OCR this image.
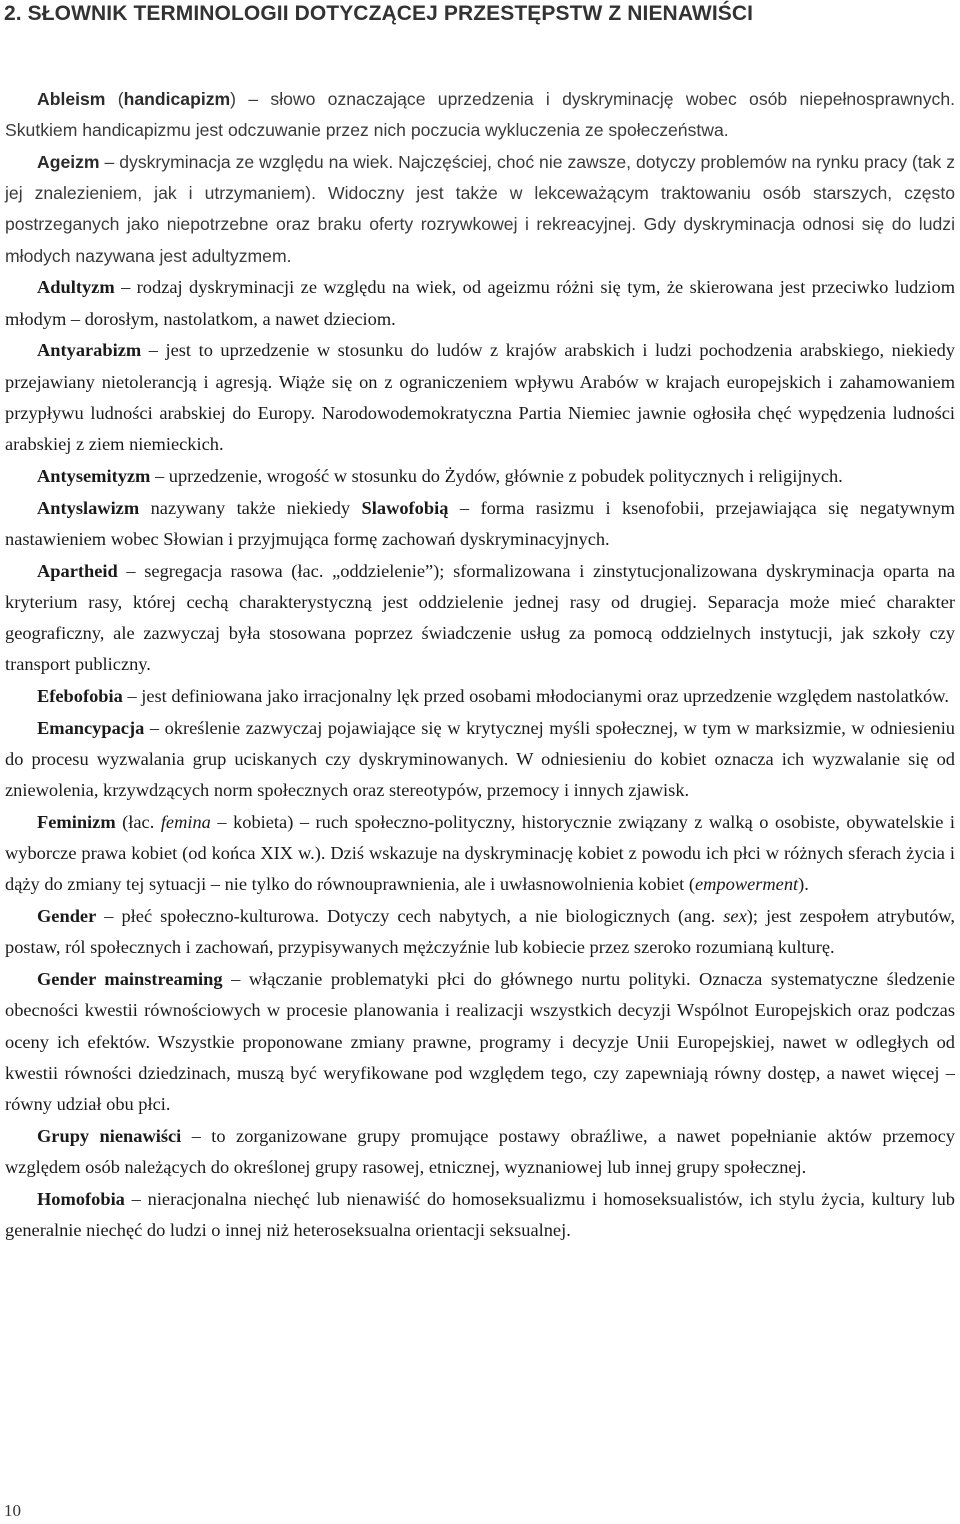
2. SŁOWNIK TERMINOLOGII DOTYCZĄCEJ PRZESTĘPSTW Z NIENAWIŚCI

Ableism (handicapizm) – słowo oznaczające uprzedzenia i dyskryminację wobec osób niepełnosprawnych. Skutkiem handicapizmu jest odczuwanie przez nich poczucia wykluczenia ze społeczeństwa.

Ageizm – dyskryminacja ze względu na wiek. Najczęściej, choć nie zawsze, dotyczy problemów na rynku pracy (tak z jej znalezieniem, jak i utrzymaniem). Widoczny jest także w lekceważącym traktowaniu osób starszych, często postrzeganych jako niepotrzebne oraz braku oferty rozrywkowej i rekreacyjnej. Gdy dyskryminacja odnosi się do ludzi młodych nazywana jest adultyzmem.

Adultyzm – rodzaj dyskryminacji ze względu na wiek, od ageizmu różni się tym, że skierowana jest przeciwko ludziom młodym – dorosłym, nastolatkom, a nawet dzieciom.

Antyarabizm – jest to uprzedzenie w stosunku do ludów z krajów arabskich i ludzi pochodzenia arabskiego, niekiedy przejawiany nietolerancją i agresją. Wiąże się on z ograniczeniem wpływu Arabów w krajach europejskich i zahamowaniem przypływu ludności arabskiej do Europy. Narodowodemokratyczna Partia Niemiec jawnie ogłosiła chęć wypędzenia ludności arabskiej z ziem niemieckich.

Antysemityzm – uprzedzenie, wrogość w stosunku do Żydów, głównie z pobudek politycznych i religijnych.

Antyslawizm nazywany także niekiedy Slawofobią – forma rasizmu i ksenofobii, przejawiająca się negatywnym nastawieniem wobec Słowian i przyjmująca formę zachowań dyskryminacyjnych.

Apartheid – segregacja rasowa (łac. „oddzielenie”); sformalizowana i zinstytucjonalizowana dyskryminacja oparta na kryterium rasy, której cechą charakterystyczną jest oddzielenie jednej rasy od drugiej. Separacja może mieć charakter geograficzny, ale zazwyczaj była stosowana poprzez świadczenie usług za pomocą oddzielnych instytucji, jak szkoły czy transport publiczny.

Efebofobia – jest definiowana jako irracjonalny lęk przed osobami młodocianymi oraz uprzedzenie względem nastolatków.

Emancypacja – określenie zazwyczaj pojawiające się w krytycznej myśli społecznej, w tym w marksizmie, w odniesieniu do procesu wyzwalania grup uciskanych czy dyskryminowanych. W odniesieniu do kobiet oznacza ich wyzwalanie się od zniewolenia, krzywdzących norm społecznych oraz stereotypów, przemocy i innych zjawisk.

Feminizm (łac. femina – kobieta) – ruch społeczno-polityczny, historycznie związany z walką o osobiste, obywatelskie i wyborcze prawa kobiet (od końca XIX w.). Dziś wskazuje na dyskryminację kobiet z powodu ich płci w różnych sferach życia i dąży do zmiany tej sytuacji – nie tylko do równouprawnienia, ale i uwłasnowolnienia kobiet (empowerment).

Gender – płeć społeczno-kulturowa. Dotyczy cech nabytych, a nie biologicznych (ang. sex); jest zespołem atrybutów, postaw, ról społecznych i zachowań, przypisywanych mężczyźnie lub kobiecie przez szeroko rozumianą kulturę.

Gender mainstreaming – włączanie problematyki płci do głównego nurtu polityki. Oznacza systematyczne śledzenie obecności kwestii równościowych w procesie planowania i realizacji wszystkich decyzji Wspólnot Europejskich oraz podczas oceny ich efektów. Wszystkie proponowane zmiany prawne, programy i decyzje Unii Europejskiej, nawet w odległych od kwestii równości dziedzinach, muszą być weryfikowane pod względem tego, czy zapewniają równy dostęp, a nawet więcej – równy udział obu płci.

Grupy nienawiści – to zorganizowane grupy promujące postawy obraźliwe, a nawet popełnianie aktów przemocy względem osób należących do określonej grupy rasowej, etnicznej, wyznaniowej lub innej grupy społecznej.

Homofobia – nieracjonalna niechęć lub nienawiść do homoseksualizmu i homoseksualistów, ich stylu życia, kultury lub generalnie niechęć do ludzi o innej niż heteroseksualna orientacji seksualnej.

10
